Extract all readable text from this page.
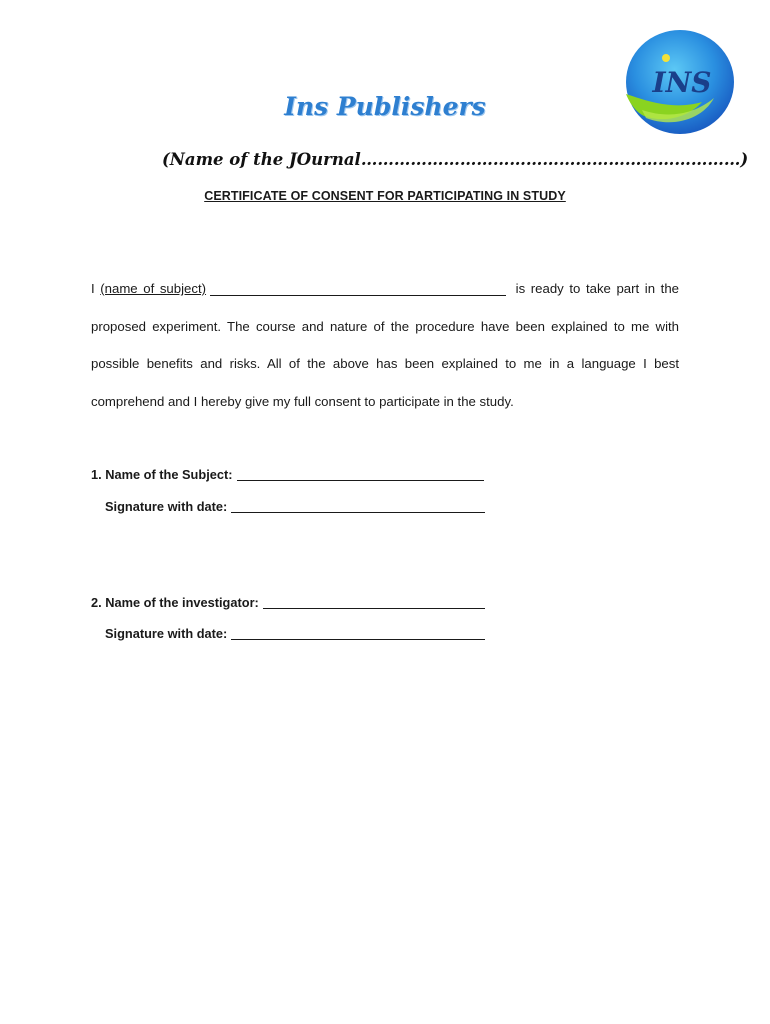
INS
Ins Publishers

(Name of the JOurnal……………………………………………………………)

CERTIFICATE OF CONSENT FOR PARTICIPATING IN STUDY

I (name of subject)	is ready to take part in the proposed experiment. The course and nature of the procedure have been explained to me with possible benefits and risks. All of the above has been explained to me in a language I best comprehend and I hereby give my full consent to participate in the study.

1. Name of the Subject:
Signature with date:
2. Name of the investigator:
Signature with date:
